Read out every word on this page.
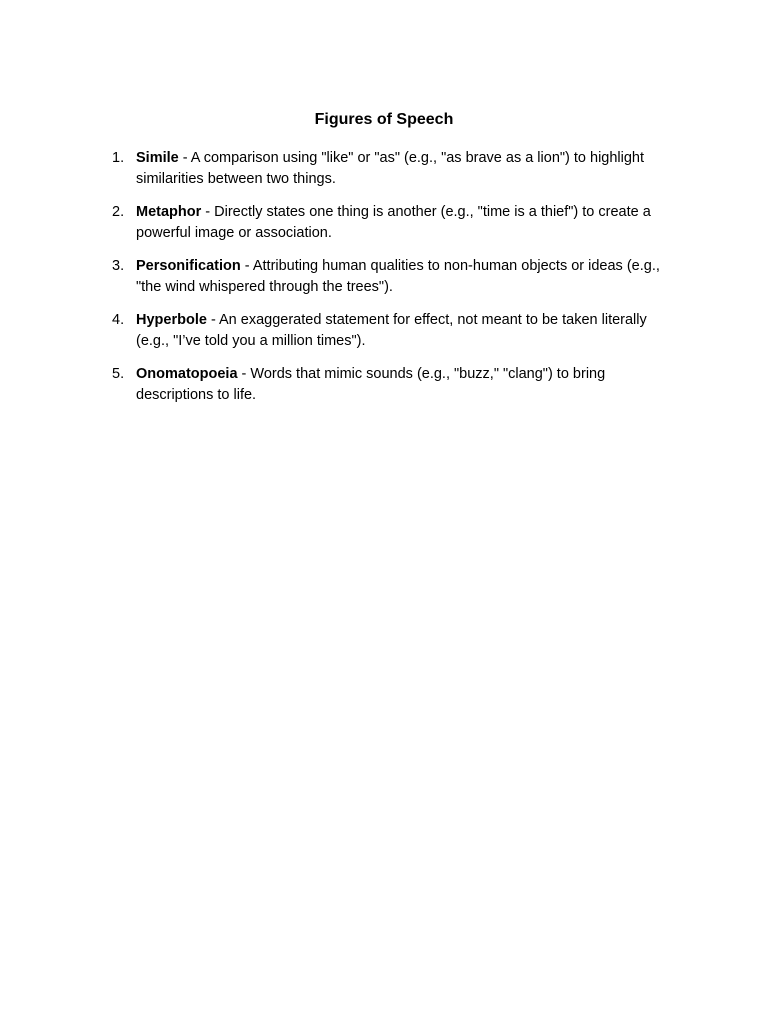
Figures of Speech
1. Simile - A comparison using "like" or "as" (e.g., "as brave as a lion") to highlight similarities between two things.
2. Metaphor - Directly states one thing is another (e.g., "time is a thief") to create a powerful image or association.
3. Personification - Attributing human qualities to non-human objects or ideas (e.g., "the wind whispered through the trees").
4. Hyperbole - An exaggerated statement for effect, not meant to be taken literally (e.g., "I’ve told you a million times").
5. Onomatopoeia - Words that mimic sounds (e.g., "buzz," "clang") to bring descriptions to life.
